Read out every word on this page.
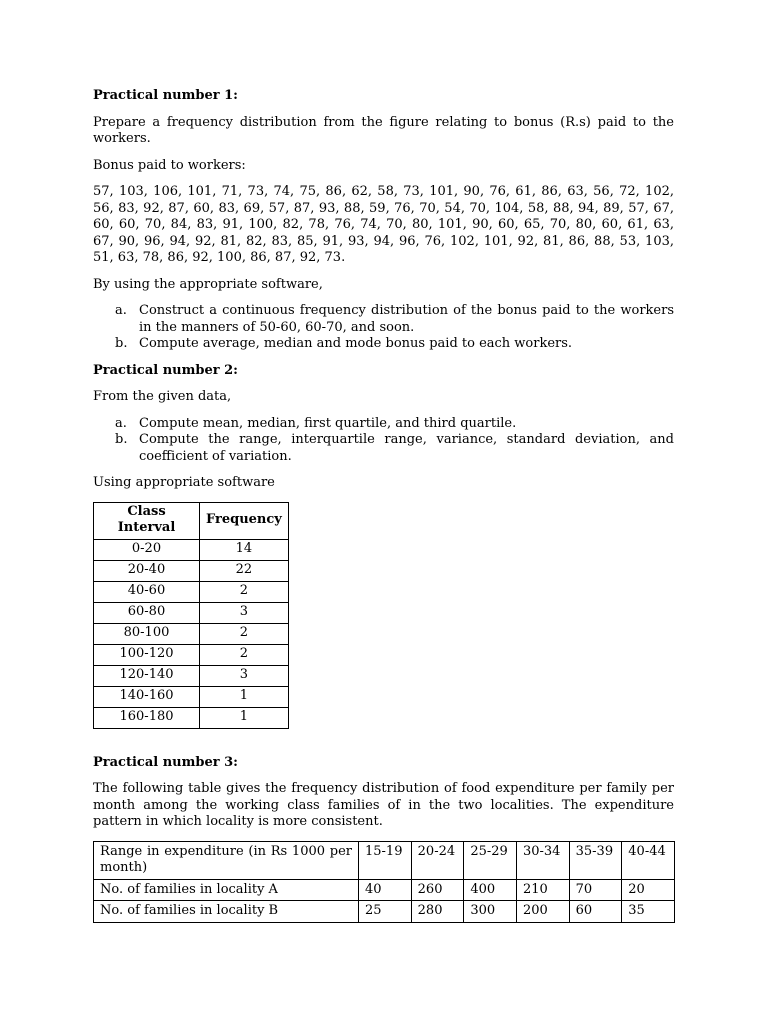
Practical number 1:

Prepare a frequency distribution from the figure relating to bonus (R.s) paid to the workers.

Bonus paid to workers:

57, 103, 106, 101, 71, 73, 74, 75, 86, 62, 58, 73, 101, 90, 76, 61, 86, 63, 56, 72, 102, 56, 83, 92, 87, 60, 83, 69, 57, 87, 93, 88, 59, 76, 70, 54, 70, 104, 58, 88, 94, 89, 57, 67, 60, 60, 70, 84, 83, 91, 100, 82, 78, 76, 74, 70, 80, 101, 90, 60, 65, 70, 80, 60, 61, 63, 67, 90, 96, 94, 92, 81, 82, 83, 85, 91, 93, 94, 96, 76, 102, 101, 92, 81, 86, 88, 53, 103, 51, 63, 78, 86, 92, 100, 86, 87, 92, 73.

By using the appropriate software,

a. Construct a continuous frequency distribution of the bonus paid to the workers in the manners of 50-60, 60-70, and soon.
b. Compute average, median and mode bonus paid to each workers.
Practical number 2:

From the given data,

a. Compute mean, median, first quartile, and third quartile.
b. Compute the range, interquartile range, variance, standard deviation, and coefficient of variation.

Using appropriate software

Class Interval	Frequency
0-20	14
20-40	22
40-60	2
60-80	3
80-100	2
100-120	2
120-140	3
140-160	1
160-180	1
Practical number 3:

The following table gives the frequency distribution of food expenditure per family per month among the working class families of in the two localities. The expenditure pattern in which locality is more consistent.

Range in expenditure (in Rs 1000 per month)	15-19	20-24	25-29	30-34	35-39	40-44
No. of families in locality A	40	260	400	210	70	20
No. of families in locality B	25	280	300	200	60	35
